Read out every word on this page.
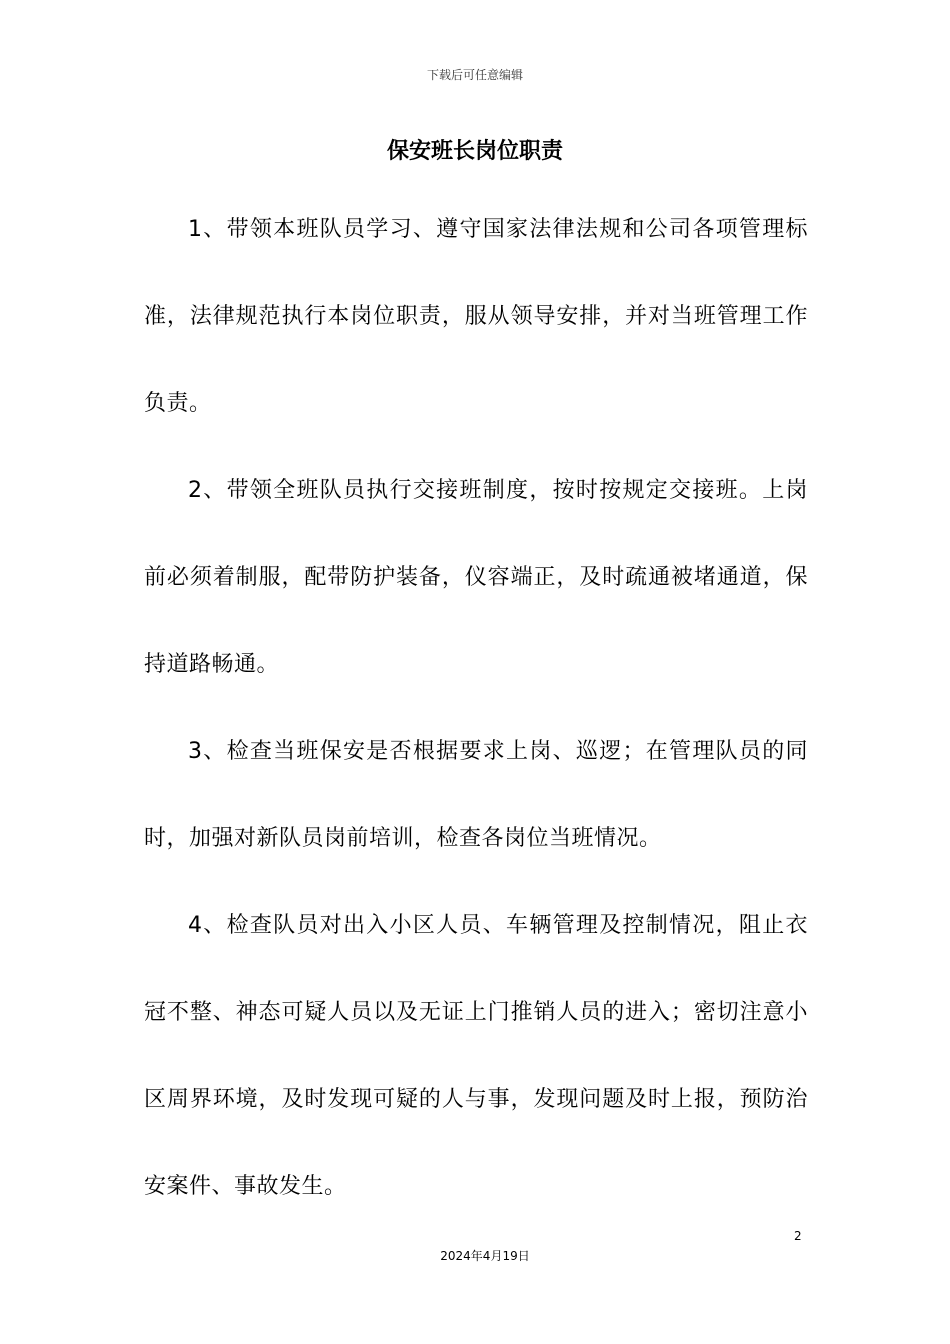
下载后可任意编辑
保安班长岗位职责

1、带领本班队员学习、遵守国家法律法规和公司各项管理标准，法律规范执行本岗位职责，服从领导安排，并对当班管理工作负责。

2、带领全班队员执行交接班制度，按时按规定交接班。上岗前必须着制服，配带防护装备，仪容端正，及时疏通被堵通道，保持道路畅通。

3、检查当班保安是否根据要求上岗、巡逻；在管理队员的同时，加强对新队员岗前培训，检查各岗位当班情况。

4、检查队员对出入小区人员、车辆管理及控制情况，阻止衣冠不整、神态可疑人员以及无证上门推销人员的进入；密切注意小区周界环境，及时发现可疑的人与事，发现问题及时上报，预防治安案件、事故发生。

2
2024年4月19日
